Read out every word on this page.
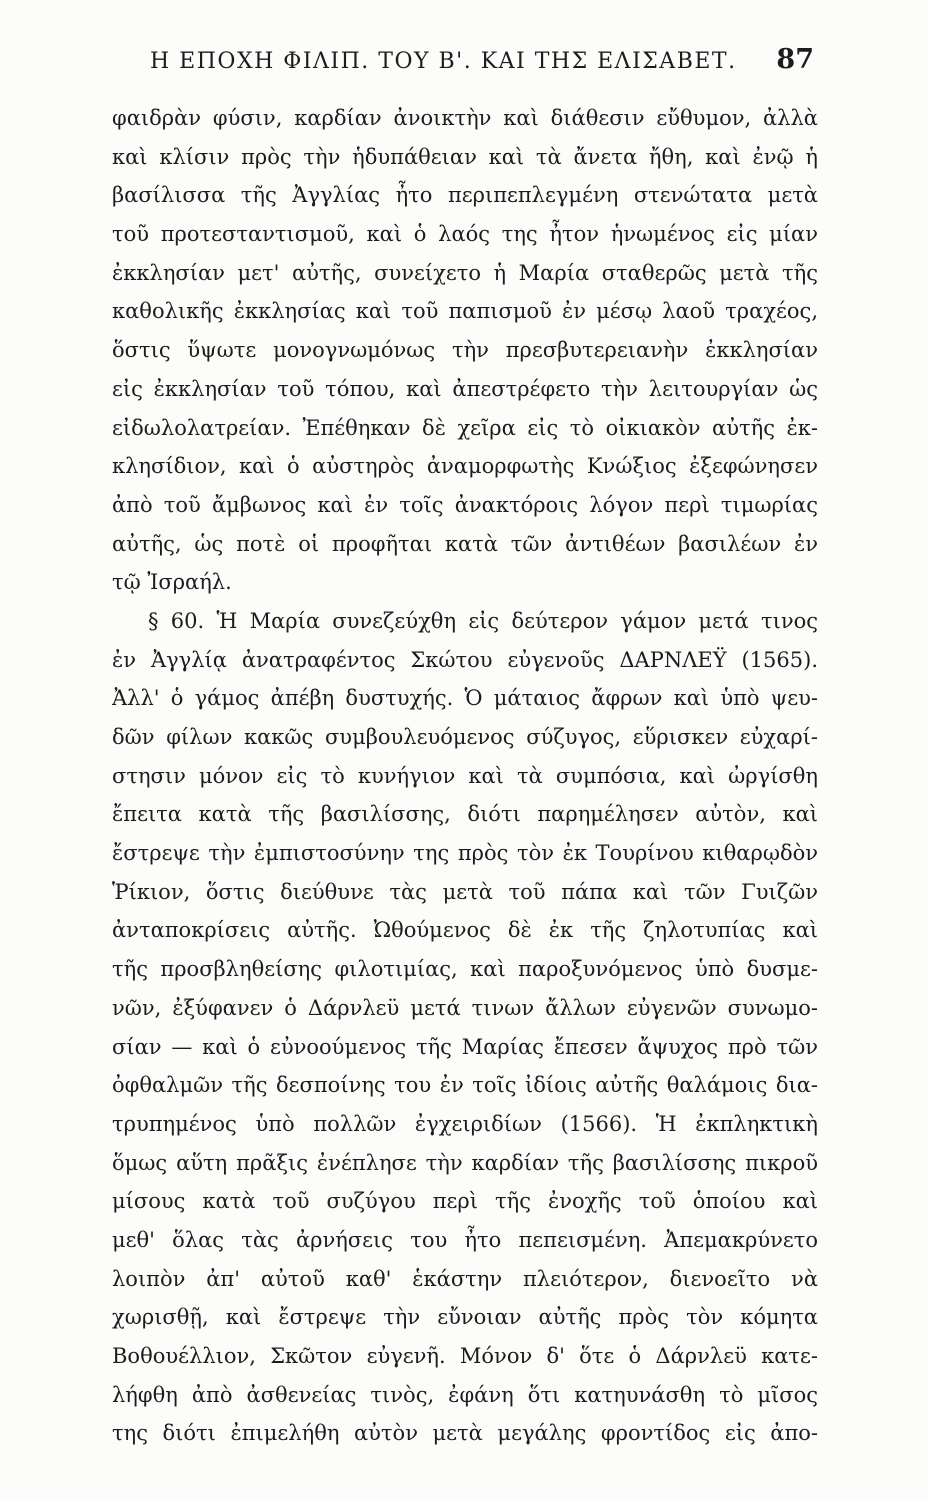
Η ΕΠΟΧΗ ΦΙΛΙΠ. ΤΟΥ Β'. ΚΑΙ ΤΗΣ ΕΛΙΣΑΒΕΤ. 87
φαιδρὰν φύσιν, καρδίαν ἀνοικτὴν καὶ διάθεσιν εὔθυμον, ἀλλὰ
καὶ κλίσιν πρὸς τὴν ἡδυπάθειαν καὶ τὰ ἄνετα ἤθη, καὶ ἐνῷ ἡ
βασίλισσα τῆς Ἀγγλίας ἦτο περιπεπλεγμένη στενώτατα μετὰ
τοῦ προτεσταντισμοῦ, καὶ ὁ λαός της ἦτον ἡνωμένος εἰς μίαν
ἐκκλησίαν μετ' αὐτῆς, συνείχετο ἡ Μαρία σταθερῶς μετὰ τῆς
καθολικῆς ἐκκλησίας καὶ τοῦ παπισμοῦ ἐν μέσῳ λαοῦ τραχέος,
ὅστις ὕψωτε μονογνωμόνως τὴν πρεσβυτερειανὴν ἐκκλησίαν
εἰς ἐκκλησίαν τοῦ τόπου, καὶ ἀπεστρέφετο τὴν λειτουργίαν ὡς
εἰδωλολατρείαν. Ἐπέθηκαν δὲ χεῖρα εἰς τὸ οἰκιακὸν αὐτῆς ἐκ-
κλησίδιον, καὶ ὁ αὐστηρὸς ἀναμορφωτὴς Κνώξιος ἐξεφώνησεν
ἀπὸ τοῦ ἄμβωνος καὶ ἐν τοῖς ἀνακτόροις λόγον περὶ τιμωρίας
αὐτῆς, ὡς ποτὲ οἱ προφῆται κατὰ τῶν ἀντιθέων βασιλέων ἐν
τῷ Ἰσραήλ.
§ 60. Ἡ Μαρία συνεζεύχθη εἰς δεύτερον γάμον μετά τινος
ἐν Ἀγγλίᾳ ἀνατραφέντος Σκώτου εὐγενοῦς ΔΑΡΝΛΕΫ (1565).
Ἀλλ' ὁ γάμος ἀπέβη δυστυχής. Ὁ μάταιος ἄφρων καὶ ὑπὸ ψευ-
δῶν φίλων κακῶς συμβουλευόμενος σύζυγος, εὕρισκεν εὐχαρί-
στησιν μόνον εἰς τὸ κυνήγιον καὶ τὰ συμπόσια, καὶ ὠργίσθη
ἔπειτα κατὰ τῆς βασιλίσσης, διότι παρημέλησεν αὐτὸν, καὶ
ἔστρεψε τὴν ἐμπιστοσύνην της πρὸς τὸν ἐκ Τουρίνου κιθαρῳδὸν
Ῥίκιον, ὅστις διεύθυνε τὰς μετὰ τοῦ πάπα καὶ τῶν Γυιζῶν
ἀνταποκρίσεις αὐτῆς. Ὠθούμενος δὲ ἐκ τῆς ζηλοτυπίας καὶ
τῆς προσβληθείσης φιλοτιμίας, καὶ παροξυνόμενος ὑπὸ δυσμε-
νῶν, ἐξύφανεν ὁ Δάρνλεϋ μετά τινων ἄλλων εὐγενῶν συνωμο-
σίαν — καὶ ὁ εὐνοούμενος τῆς Μαρίας ἔπεσεν ἄψυχος πρὸ τῶν
ὀφθαλμῶν τῆς δεσποίνης του ἐν τοῖς ἰδίοις αὐτῆς θαλάμοις δια-
τρυπημένος ὑπὸ πολλῶν ἐγχειριδίων (1566). Ἡ ἐκπληκτικὴ
ὅμως αὕτη πρᾶξις ἐνέπλησε τὴν καρδίαν τῆς βασιλίσσης πικροῦ
μίσους κατὰ τοῦ συζύγου περὶ τῆς ἐνοχῆς τοῦ ὁποίου καὶ
μεθ' ὅλας τὰς ἀρνήσεις του ἦτο πεπεισμένη. Ἀπεμακρύνετο
λοιπὸν ἀπ' αὐτοῦ καθ' ἑκάστην πλειότερον, διενοεῖτο νὰ
χωρισθῇ, καὶ ἔστρεψε τὴν εὔνοιαν αὐτῆς πρὸς τὸν κόμητα
Βοθουέλλιον, Σκῶτον εὐγενῆ. Μόνον δ' ὅτε ὁ Δάρνλεϋ κατε-
λήφθη ἀπὸ ἀσθενείας τινὸς, ἐφάνη ὅτι κατηυνάσθη τὸ μῖσος
της διότι ἐπιμελήθη αὐτὸν μετὰ μεγάλης φροντίδος εἰς ἀπο-
